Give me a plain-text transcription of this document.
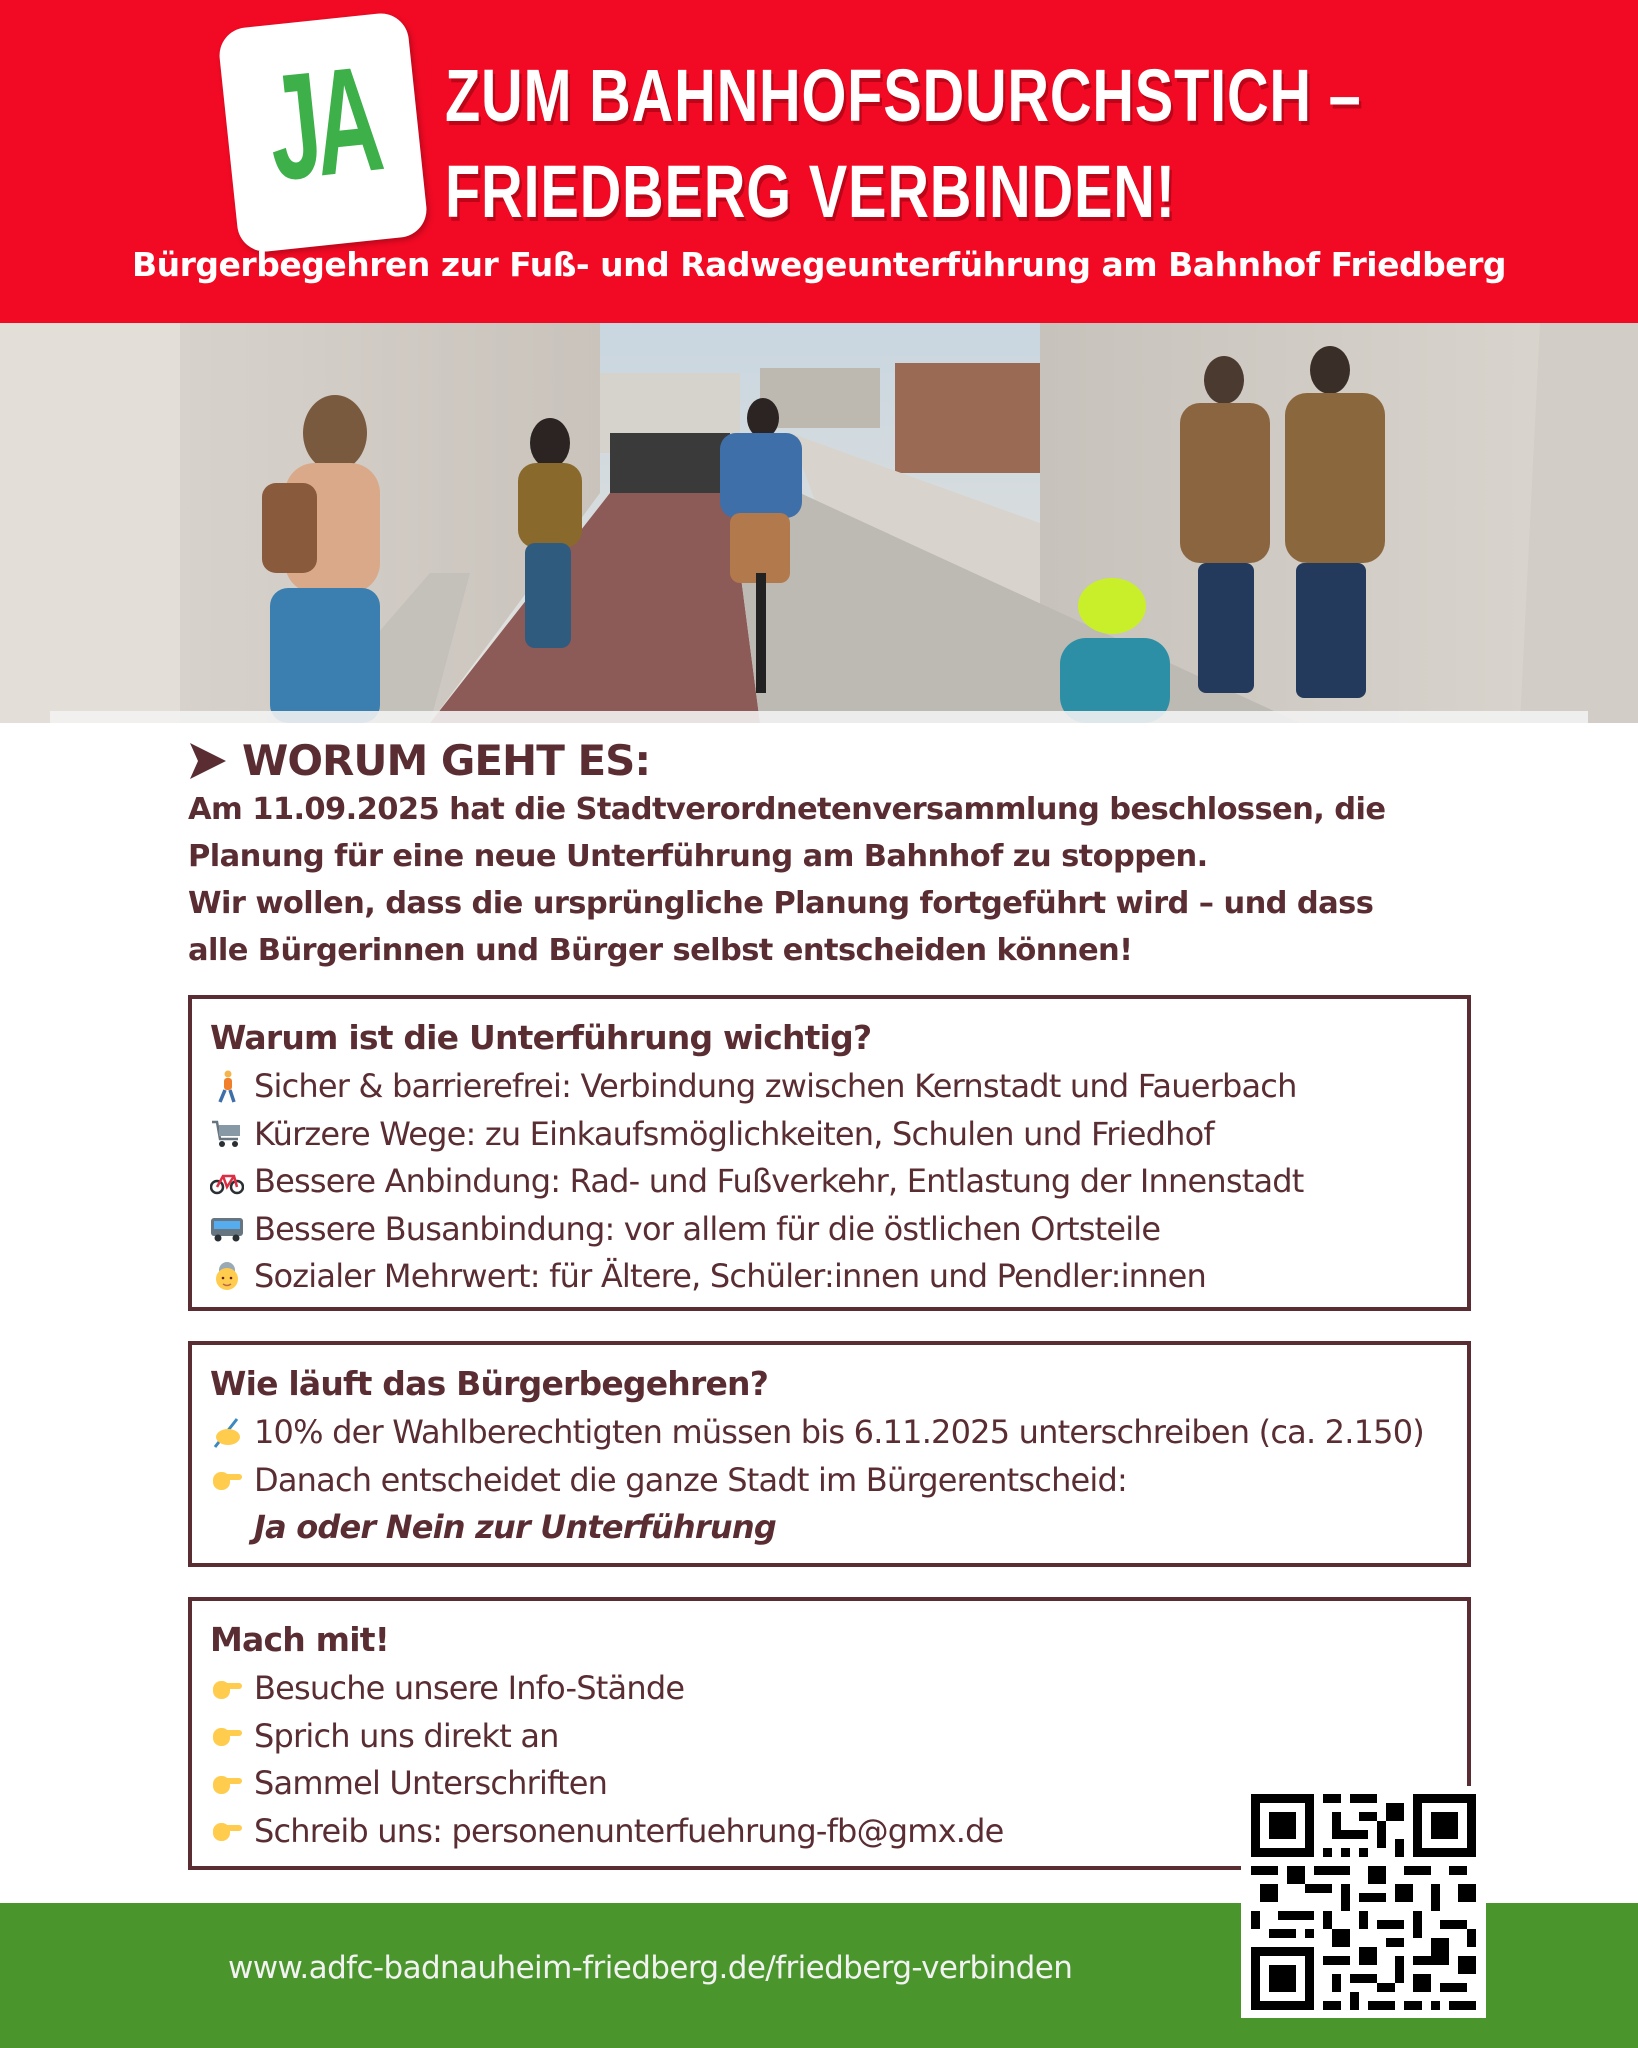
JA ZUM BAHNHOFSDURCHSTICH –
FRIEDBERG VERBINDEN!
Bürgerbegehren zur Fuß- und Radwegeunterführung am Bahnhof Friedberg
WORUM GEHT ES:
Am 11.09.2025 hat die Stadtverordnetenversammlung beschlossen, die
Planung für eine neue Unterführung am Bahnhof zu stoppen.
Wir wollen, dass die ursprüngliche Planung fortgeführt wird – und dass
alle Bürgerinnen und Bürger selbst entscheiden können!
Warum ist die Unterführung wichtig?
Sicher & barrierefrei: Verbindung zwischen Kernstadt und Fauerbach
Kürzere Wege: zu Einkaufsmöglichkeiten, Schulen und Friedhof
Bessere Anbindung: Rad- und Fußverkehr, Entlastung der Innenstadt
Bessere Busanbindung: vor allem für die östlichen Ortsteile
Sozialer Mehrwert: für Ältere, Schüler:innen und Pendler:innen
Wie läuft das Bürgerbegehren?
10% der Wahlberechtigten müssen bis 6.11.2025 unterschreiben (ca. 2.150)
Danach entscheidet die ganze Stadt im Bürgerentscheid:
Ja oder Nein zur Unterführung
Mach mit!
Besuche unsere Info-Stände
Sprich uns direkt an
Sammel Unterschriften
Schreib uns: personenunterfuehrung-fb@gmx.de
www.adfc-badnauheim-friedberg.de/friedberg-verbinden
